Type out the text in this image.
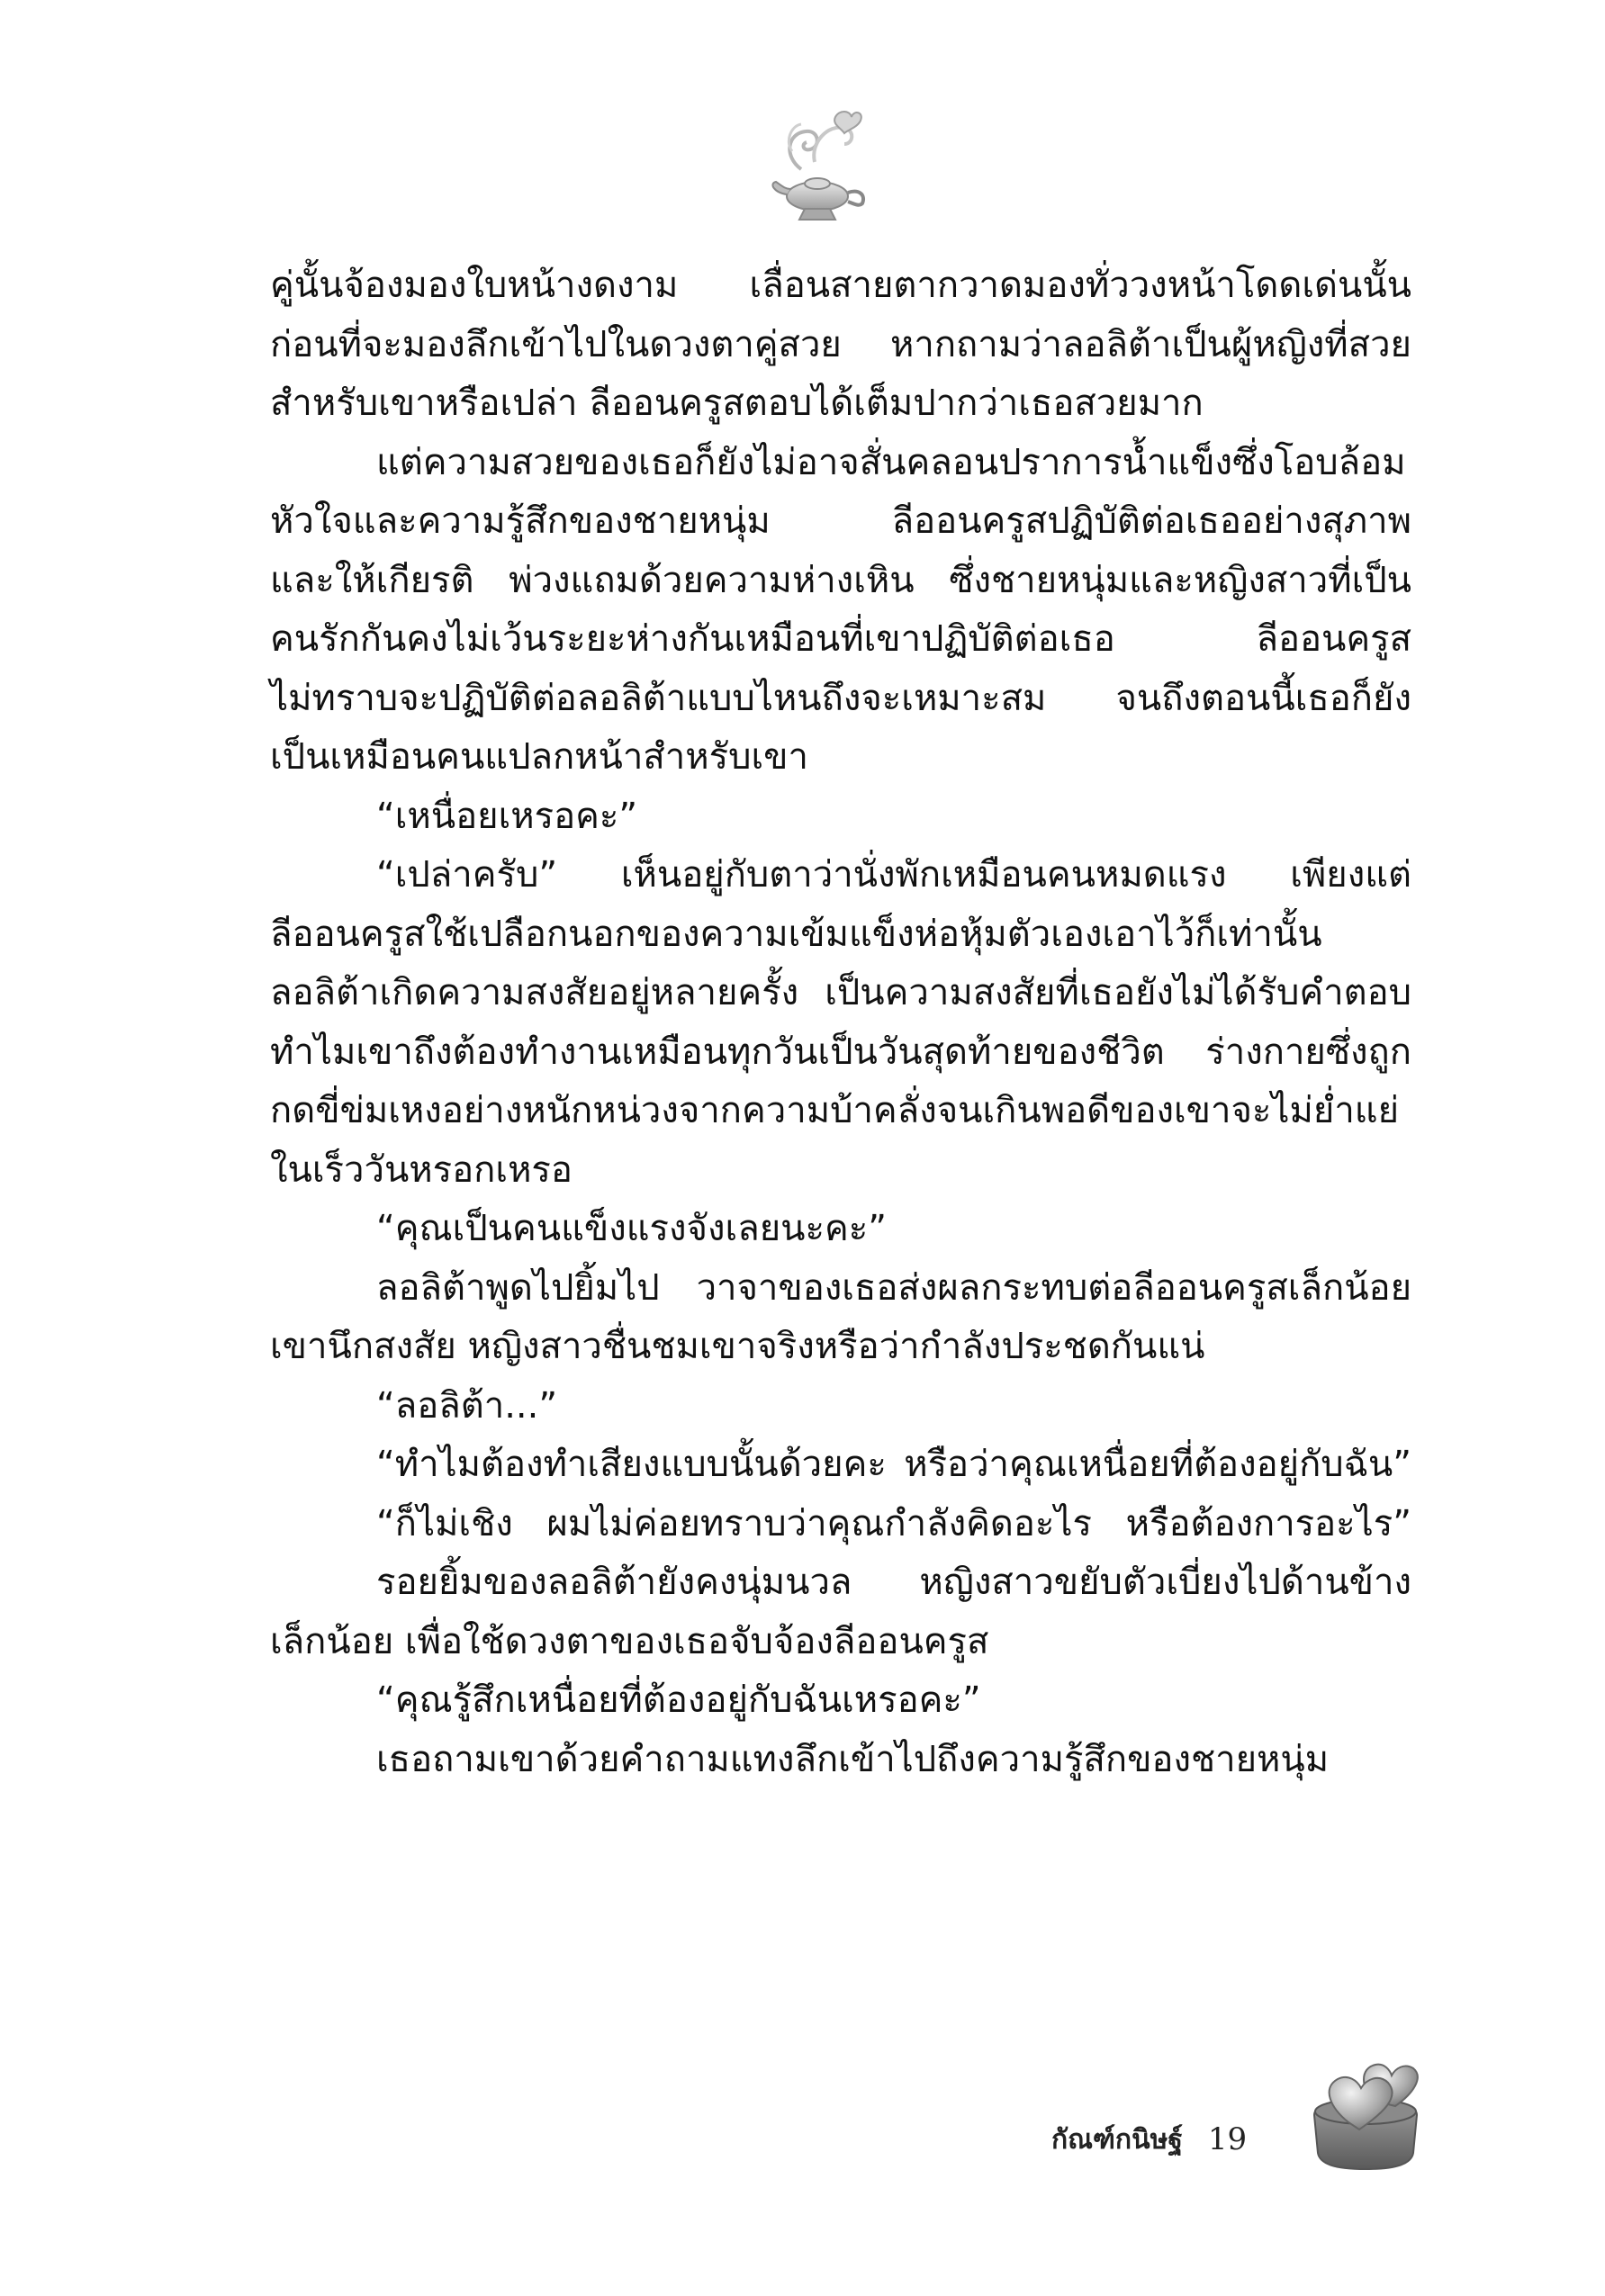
คู่นั้นจ้องมองใบหน้างดงาม เลื่อนสายตากวาดมองทั่ววงหน้าโดดเด่นนั้น
ก่อนที่จะมองลึกเข้าไปในดวงตาคู่สวย หากถามว่าลอลิต้าเป็นผู้หญิงที่สวย
สำหรับเขาหรือเปล่า ลีออนครูสตอบได้เต็มปากว่าเธอสวยมาก
แต่ความสวยของเธอก็ยังไม่อาจสั่นคลอนปราการน้ำแข็งซึ่งโอบล้อม
หัวใจและความรู้สึกของชายหนุ่ม ลีออนครูสปฏิบัติต่อเธออย่างสุภาพ
และให้เกียรติ พ่วงแถมด้วยความห่างเหิน ซึ่งชายหนุ่มและหญิงสาวที่เป็น
คนรักกันคงไม่เว้นระยะห่างกันเหมือนที่เขาปฏิบัติต่อเธอ ลีออนครูส
ไม่ทราบจะปฏิบัติต่อลอลิต้าแบบไหนถึงจะเหมาะสม จนถึงตอนนี้เธอก็ยัง
เป็นเหมือนคนแปลกหน้าสำหรับเขา
“เหนื่อยเหรอคะ”
“เปล่าครับ” เห็นอยู่กับตาว่านั่งพักเหมือนคนหมดแรง เพียงแต่
ลีออนครูสใช้เปลือกนอกของความเข้มแข็งห่อหุ้มตัวเองเอาไว้ก็เท่านั้น
ลอลิต้าเกิดความสงสัยอยู่หลายครั้ง เป็นความสงสัยที่เธอยังไม่ได้รับคำตอบ
ทำไมเขาถึงต้องทำงานเหมือนทุกวันเป็นวันสุดท้ายของชีวิต ร่างกายซึ่งถูก
กดขี่ข่มเหงอย่างหนักหน่วงจากความบ้าคลั่งจนเกินพอดีของเขาจะไม่ย่ำแย่
ในเร็ววันหรอกเหรอ
“คุณเป็นคนแข็งแรงจังเลยนะคะ”
ลอลิต้าพูดไปยิ้มไป วาจาของเธอส่งผลกระทบต่อลีออนครูสเล็กน้อย
เขานึกสงสัย หญิงสาวชื่นชมเขาจริงหรือว่ากำลังประชดกันแน่
“ลอลิต้า...”
“ทำไมต้องทำเสียงแบบนั้นด้วยคะ หรือว่าคุณเหนื่อยที่ต้องอยู่กับฉัน”
“ก็ไม่เชิง ผมไม่ค่อยทราบว่าคุณกำลังคิดอะไร หรือต้องการอะไร”
รอยยิ้มของลอลิต้ายังคงนุ่มนวล หญิงสาวขยับตัวเบี่ยงไปด้านข้าง
เล็กน้อย เพื่อใช้ดวงตาของเธอจับจ้องลีออนครูส
“คุณรู้สึกเหนื่อยที่ต้องอยู่กับฉันเหรอคะ”
เธอถามเขาด้วยคำถามแทงลึกเข้าไปถึงความรู้สึกของชายหนุ่ม
กัณฑ์กนิษฐ์ 19
